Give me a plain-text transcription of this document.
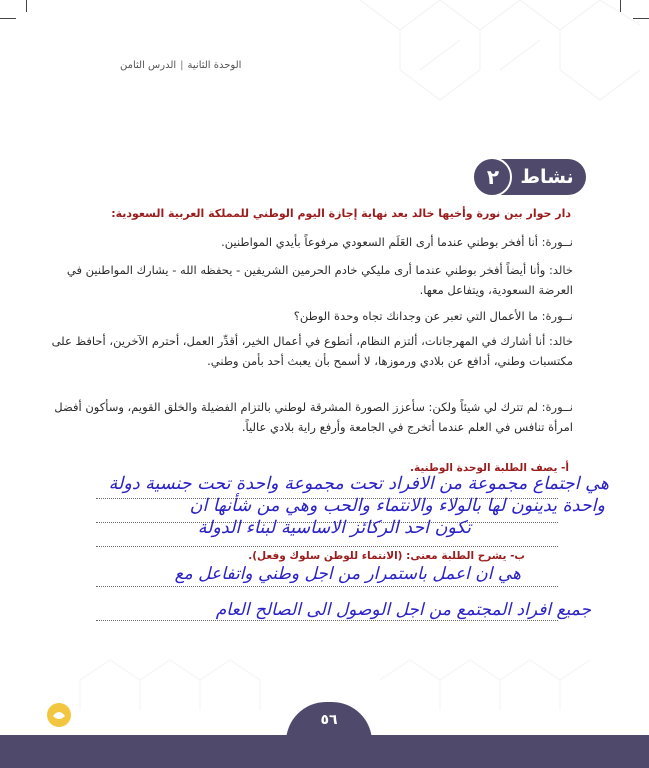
الوحدة الثانية|الدرس الثامن
نشاط
٢
دار حوار بين نورة وأخيها خالد بعد نهاية إجازة اليوم الوطني للمملكة العربية السعودية:
نــورة: أنا أفخر بوطني عندما أرى العَلَم السعودي مرفوعاً بأيدي المواطنين.
خالد: وأنا أيضاً أفخر بوطني عندما أرى مليكي خادم الحرمين الشريفين - يحفظه الله - يشارك المواطنين في العرضة السعودية، ويتفاعل معها.
نــورة: ما الأعمال التي تعبر عن وجدانك تجاه وحدة الوطن؟
خالد: أنا أشارك في المهرجانات، ألتزم النظام، أتطوع في أعمال الخير، أقدِّر العمل، أحترم الآخرين، أحافظ على مكتسبات وطني، أدافع عن بلادي ورموزها، لا أسمح بأن يعبث أحد بأمن وطني.
نــورة: لم تترك لي شيئاً ولكن: سأعزز الصورة المشرقة لوطني بالتزام الفضيلة والخلق القويم، وسأكون أفضل امرأة تنافس في العلم عندما أتخرج في الجامعة وأرفع راية بلادي عالياً.
أ- يصف الطلبة الوحدة الوطنية.
هي اجتماع مجموعة من الافراد تحت مجموعة واحدة تحت جنسية دولة
واحدة يدينون لها بالولاء والانتماء والحب وهي من شأنها ان
تكون احد الركائز الاساسية لبناء الدولة
ب- يشرح الطلبة معنى: (الانتماء للوطن سلوك وفعل).
هي ان اعمل باستمرار من اجل وطني واتفاعل مع
جميع افراد المجتمع من اجل الوصول الى الصالح العام
٥٦
